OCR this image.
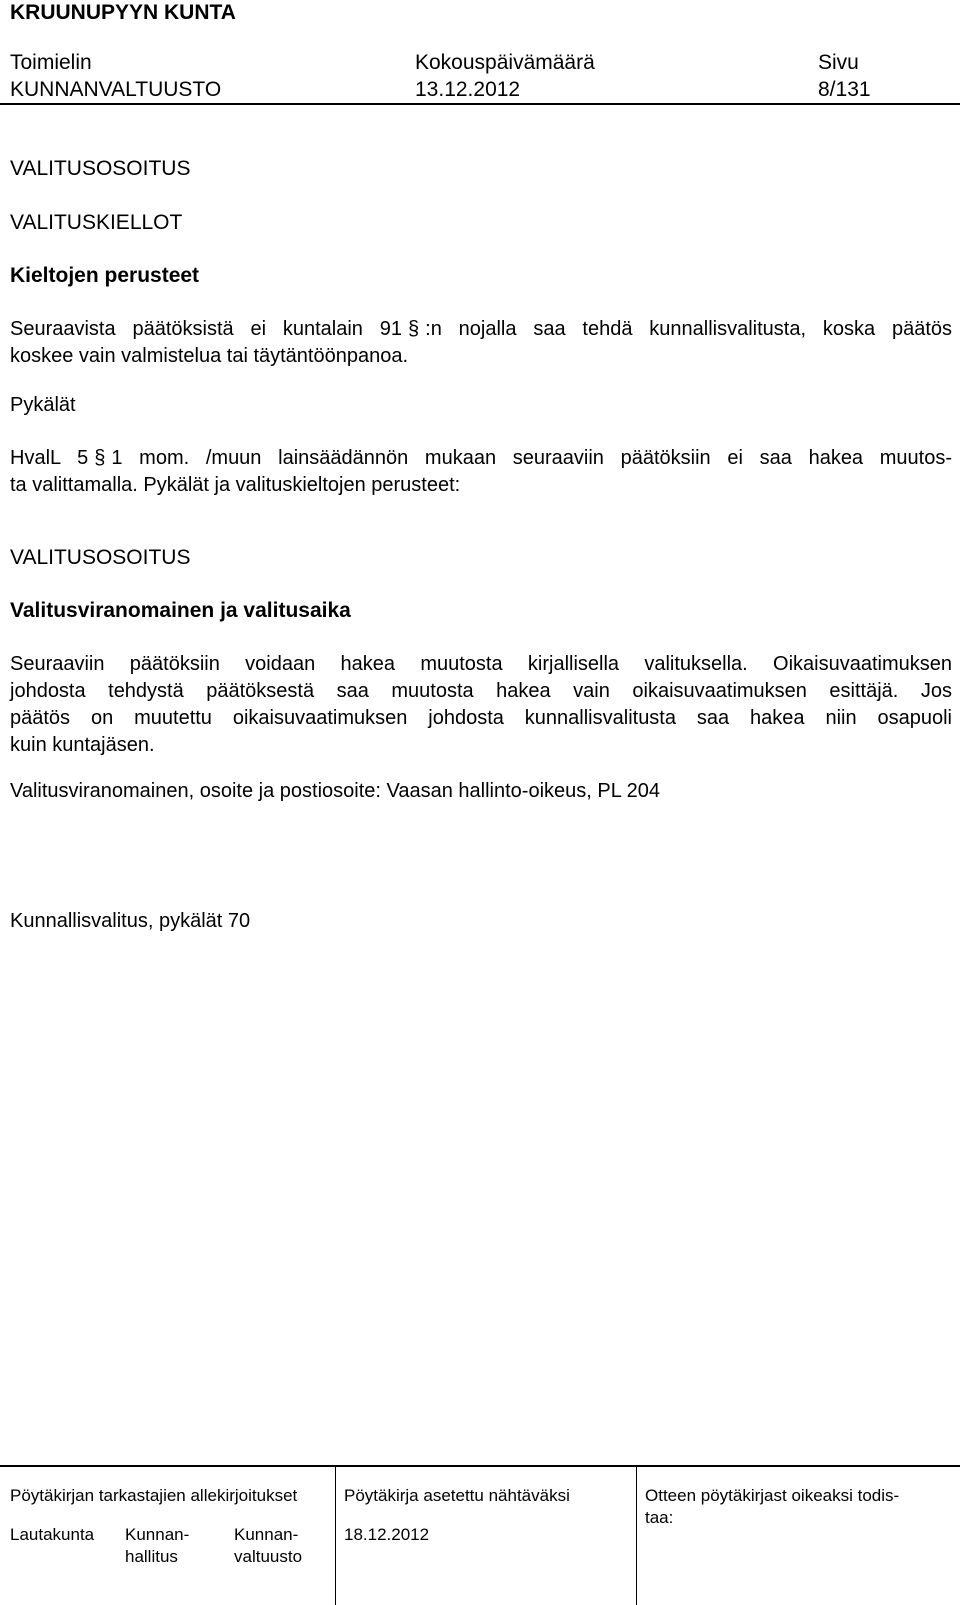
KRUUNUPYYN KUNTA
Toimielin
KUNNANVALTUUSTO
Kokouspäivämäärä
13.12.2012
Sivu
8/131
VALITUSOSOITUS
VALITUSKIELLOT
Kieltojen perusteet
Seuraavista päätöksistä ei kuntalain 91 § :n nojalla saa tehdä kunnallisvalitusta, koska päätös
koskee vain valmistelua tai täytäntöönpanoa.
Pykälät
HvalL 5 § 1 mom. /muun lainsäädännön mukaan seuraaviin päätöksiin ei saa hakea muutos-
ta valittamalla. Pykälät ja valituskieltojen perusteet:
VALITUSOSOITUS
Valitusviranomainen ja valitusaika
Seuraaviin päätöksiin voidaan hakea muutosta kirjallisella valituksella. Oikaisuvaatimuksen
johdosta tehdystä päätöksestä saa muutosta hakea vain oikaisuvaatimuksen esittäjä. Jos
päätös on muutettu oikaisuvaatimuksen johdosta kunnallisvalitusta saa hakea niin osapuoli
kuin kuntajäsen.
Valitusviranomainen, osoite ja postiosoite: Vaasan hallinto-oikeus, PL 204
Kunnallisvalitus, pykälät 70
Pöytäkirjan tarkastajien allekirjoitukset
Lautakunta Kunnan-
hallitus
Kunnan-
valtuusto
Pöytäkirja asetettu nähtäväksi
18.12.2012
Otteen pöytäkirjast oikeaksi todis-
taa:
